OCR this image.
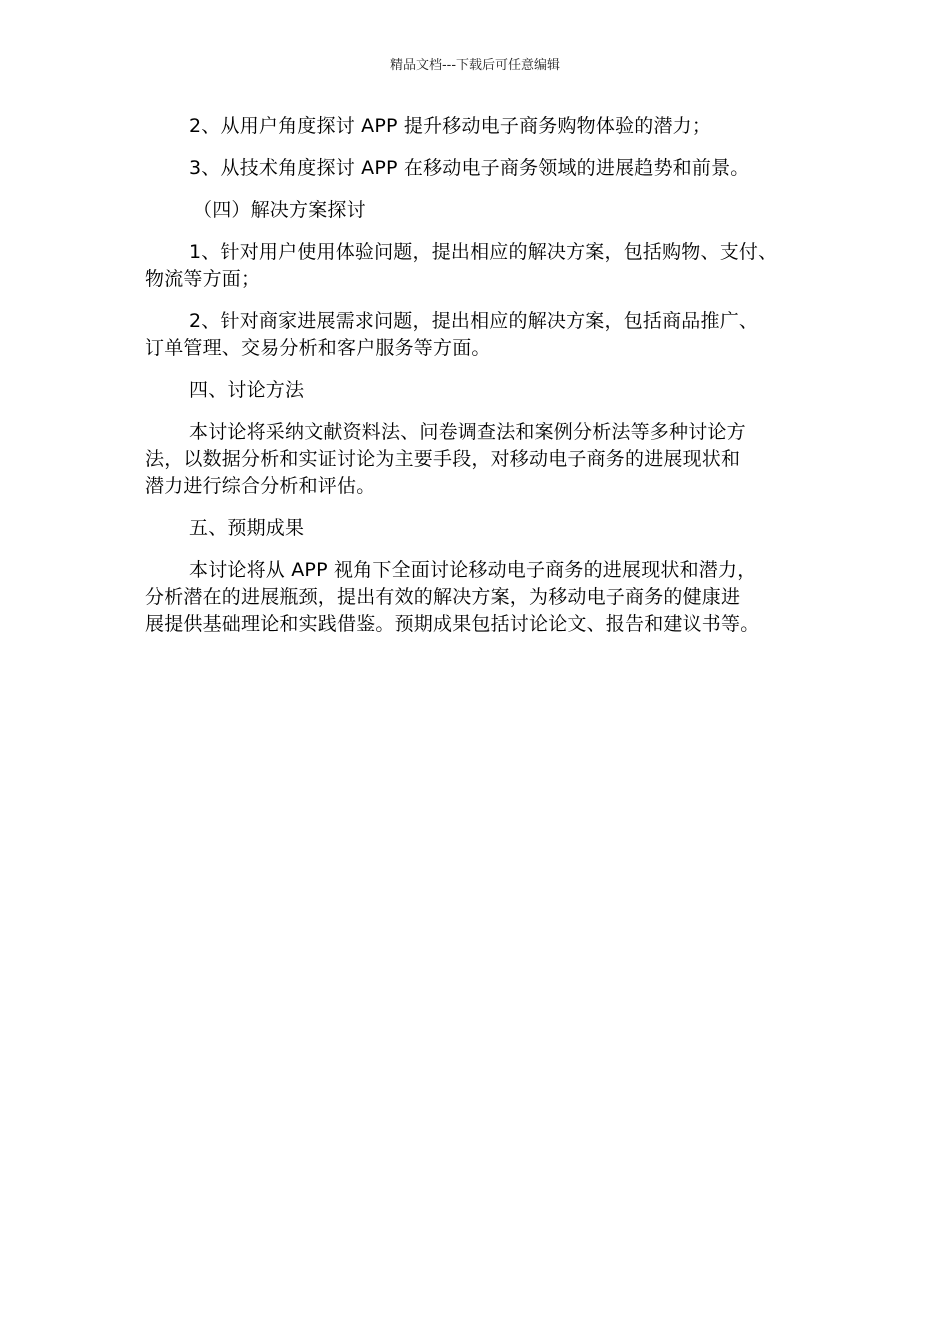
精品文档---下载后可任意编辑

2、从用户角度探讨 APP 提升移动电子商务购物体验的潜力；

3、从技术角度探讨 APP 在移动电子商务领域的进展趋势和前景。

（四）解决方案探讨

1、针对用户使用体验问题，提出相应的解决方案，包括购物、支付、
物流等方面；

2、针对商家进展需求问题，提出相应的解决方案，包括商品推广、
订单管理、交易分析和客户服务等方面。

四、讨论方法

本讨论将采纳文献资料法、问卷调查法和案例分析法等多种讨论方
法，以数据分析和实证讨论为主要手段，对移动电子商务的进展现状和
潜力进行综合分析和评估。

五、预期成果

本讨论将从 APP 视角下全面讨论移动电子商务的进展现状和潜力，
分析潜在的进展瓶颈，提出有效的解决方案，为移动电子商务的健康进
展提供基础理论和实践借鉴。预期成果包括讨论论文、报告和建议书等。
